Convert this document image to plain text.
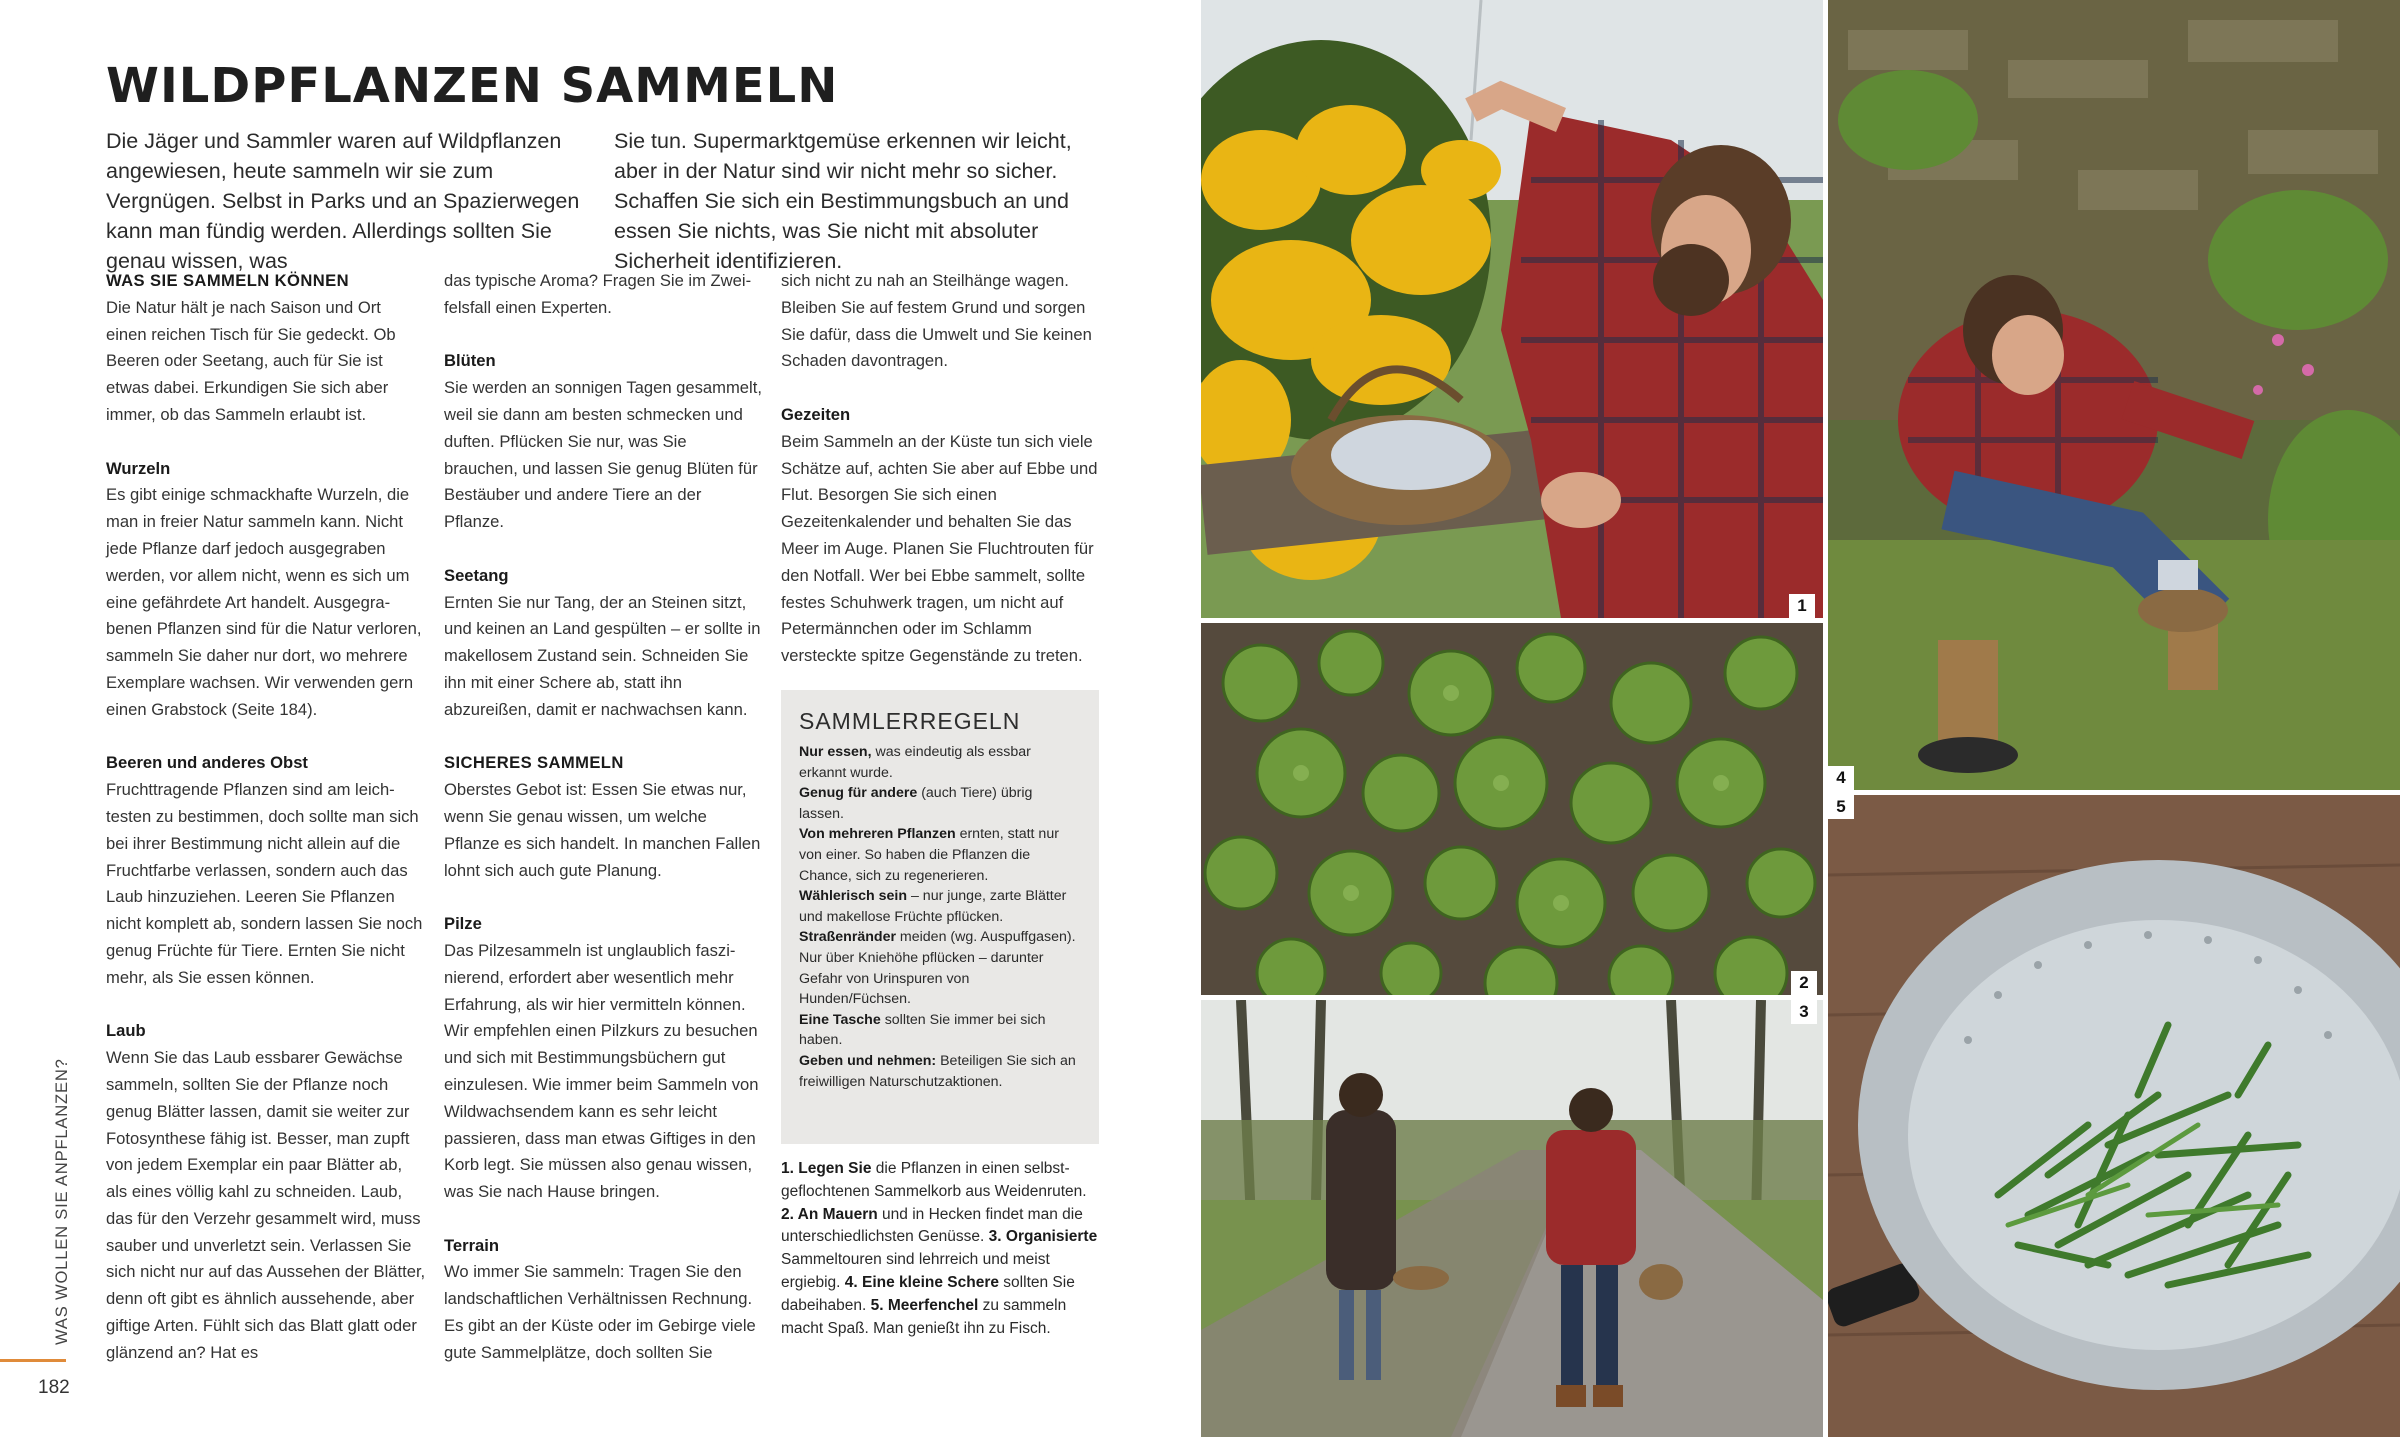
WILDPFLANZEN SAMMELN
Die Jäger und Sammler waren auf Wildpflanzen angewiesen, heute sammeln wir sie zum Vergnügen. Selbst in Parks und an Spazierwegen kann man fündig werden. Allerdings sollten Sie genau wissen, was
Sie tun. Supermarktgemüse erkennen wir leicht, aber in der Natur sind wir nicht mehr so sicher. Schaffen Sie sich ein Bestimmungsbuch an und essen Sie nichts, was Sie nicht mit absoluter Sicherheit identifizieren.

WAS SIE SAMMELN KÖNNEN
Die Natur hält je nach Saison und Ort einen reichen Tisch für Sie gedeckt. Ob Beeren oder Seetang, auch für Sie ist etwas dabei. Erkundigen Sie sich aber immer, ob das Sammeln erlaubt ist.

Wurzeln
Es gibt einige schmackhafte Wurzeln, die man in freier Natur sammeln kann. Nicht jede Pflanze darf jedoch ausgegraben werden, vor allem nicht, wenn es sich um eine gefährdete Art handelt. Ausgegrabenen Pflanzen sind für die Natur verloren, sammeln Sie daher nur dort, wo mehrere Exemplare wachsen. Wir verwenden gern einen Grabstock (Seite 184).

Beeren und anderes Obst
Fruchttragende Pflanzen sind am leichtesten zu bestimmen, doch sollte man sich bei ihrer Bestimmung nicht allein auf die Fruchtfarbe verlassen, sondern auch das Laub hinzuziehen. Leeren Sie Pflanzen nicht komplett ab, sondern lassen Sie noch genug Früchte für Tiere. Ernten Sie nicht mehr, als Sie essen können.

Laub
Wenn Sie das Laub essbarer Gewächse sammeln, sollten Sie der Pflanze noch genug Blätter lassen, damit sie weiter zur Fotosynthese fähig ist. Besser, man zupft von jedem Exemplar ein paar Blätter ab, als eines völlig kahl zu schneiden. Laub, das für den Verzehr gesammelt wird, muss sauber und unverletzt sein. Verlassen Sie sich nicht nur auf das Aussehen der Blätter, denn oft gibt es ähnlich aussehende, aber giftige Arten. Fühlt sich das Blatt glatt oder glänzend an? Hat es

das typische Aroma? Fragen Sie im Zweifelsfall einen Experten.

Blüten
Sie werden an sonnigen Tagen gesammelt, weil sie dann am besten schmecken und duften. Pflücken Sie nur, was Sie brauchen, und lassen Sie genug Blüten für Bestäuber und andere Tiere an der Pflanze.

Seetang
Ernten Sie nur Tang, der an Steinen sitzt, und keinen an Land gespülten – er sollte in makellosem Zustand sein. Schneiden Sie ihn mit einer Schere ab, statt ihn abzureißen, damit er nachwachsen kann.

SICHERES SAMMELN
Oberstes Gebot ist: Essen Sie etwas nur, wenn Sie genau wissen, um welche Pflanze es sich handelt. In manchen Fallen lohnt sich auch gute Planung.

Pilze
Das Pilzesammeln ist unglaublich faszinierend, erfordert aber wesentlich mehr Erfahrung, als wir hier vermitteln können. Wir empfehlen einen Pilzkurs zu besuchen und sich mit Bestimmungsbüchern gut einzulesen. Wie immer beim Sammeln von Wildwachsendem kann es sehr leicht passieren, dass man etwas Giftiges in den Korb legt. Sie müssen also genau wissen, was Sie nach Hause bringen.

Terrain
Wo immer Sie sammeln: Tragen Sie den landschaftlichen Verhältnissen Rechnung. Es gibt an der Küste oder im Gebirge viele gute Sammelplätze, doch sollten Sie

sich nicht zu nah an Steilhänge wagen. Bleiben Sie auf festem Grund und sorgen Sie dafür, dass die Umwelt und Sie keinen Schaden davontragen.

Gezeiten
Beim Sammeln an der Küste tun sich viele Schätze auf, achten Sie aber auf Ebbe und Flut. Besorgen Sie sich einen Gezeitenkalender und behalten Sie das Meer im Auge. Planen Sie Fluchtrouten für den Notfall. Wer bei Ebbe sammelt, sollte festes Schuhwerk tragen, um nicht auf Petermännchen oder im Schlamm versteckte spitze Gegenstände zu treten.

SAMMLERREGELN
Nur essen, was eindeutig als essbar erkannt wurde.
Genug für andere (auch Tiere) übrig lassen.
Von mehreren Pflanzen ernten, statt nur von einer. So haben die Pflanzen die Chance, sich zu regenerieren.
Wählerisch sein – nur junge, zarte Blätter und makellose Früchte pflücken.
Straßenränder meiden (wg. Auspuffgasen). Nur über Kniehöhe pflücken – darunter Gefahr von Urinspuren von Hunden/Füchsen.
Eine Tasche sollten Sie immer bei sich haben.
Geben und nehmen: Beteiligen Sie sich an freiwilligen Naturschutzaktionen.
1. Legen Sie die Pflanzen in einen selbstgeflochtenen Sammelkorb aus Weidenruten. 2. An Mauern und in Hecken findet man die unterschiedlichsten Genüsse. 3. Organisierte Sammeltouren sind lehrreich und meist ergiebig. 4. Eine kleine Schere sollten Sie dabeihaben. 5. Meerfenchel zu sammeln macht Spaß. Man genießt ihn zu Fisch.
WAS WOLLEN SIE ANPFLANZEN?
182
1
2
3
4
5
